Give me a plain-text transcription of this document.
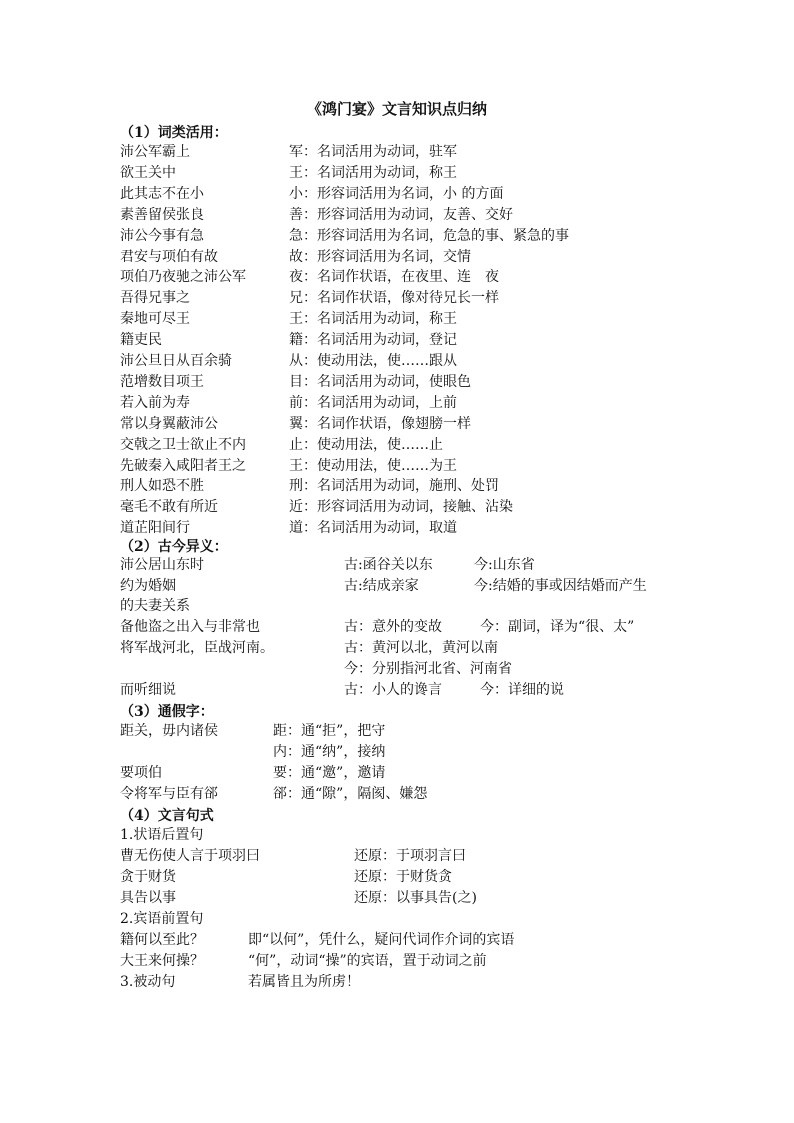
《鸿门宴》文言知识点归纳
（1）词类活用：
沛公军霸上	军：名词活用为动词，驻军
欲王关中	王：名词活用为动词，称王
此其志不在小	小：形容词活用为名词，小 的方面
素善留侯张良	善：形容词活用为动词，友善、交好
沛公今事有急	急：形容词活用为名词，危急的事、紧急的事
君安与项伯有故	故：形容词活用为名词，交情
项伯乃夜驰之沛公军	夜：名词作状语，在夜里、连　夜
吾得兄事之	兄：名词作状语，像对待兄长一样
秦地可尽王	王：名词活用为动词，称王
籍吏民	籍：名词活用为动词，登记
沛公旦日从百余骑	从：使动用法，使……跟从
范增数目项王	目：名词活用为动词，使眼色
若入前为寿	前：名词活用为动词，上前
常以身翼蔽沛公	翼：名词作状语，像翅膀一样
交戟之卫士欲止不内	止：使动用法，使……止
先破秦入咸阳者王之	王：使动用法，使……为王
刑人如恐不胜	刑：名词活用为动词，施刑、处罚
毫毛不敢有所近	近：形容词活用为动词，接触、沾染
道芷阳间行	道：名词活用为动词，取道
（2）古今异义：
沛公居山东时	古:函谷关以东	今:山东省
约为婚姻	古:结成亲家	今:结婚的事或因结婚而产生
的夫妻关系
备他盗之出入与非常也	古：意外的变故	今：副词，译为“很、太”
将军战河北，臣战河南。	古：黄河以北，黄河以南
今：分别指河北省、河南省
而听细说	古：小人的谗言	今：详细的说
（3）通假字：
距关，毋内诸侯	距：通“拒”，把守
内：通“纳”，接纳
要项伯	要：通“邀”，邀请
令将军与臣有郤	郤：通“隙”，隔阂、嫌怨
（4）文言句式
1.状语后置句
曹无伤使人言于项羽曰	还原：于项羽言曰
贪于财货	还原：于财货贪
具告以事	还原：以事具告(之)
2.宾语前置句
籍何以至此？	即“以何”，凭什么，疑问代词作介词的宾语
大王来何操？	“何”，动词“操”的宾语，置于动词之前
3.被动句	若属皆且为所虏！
